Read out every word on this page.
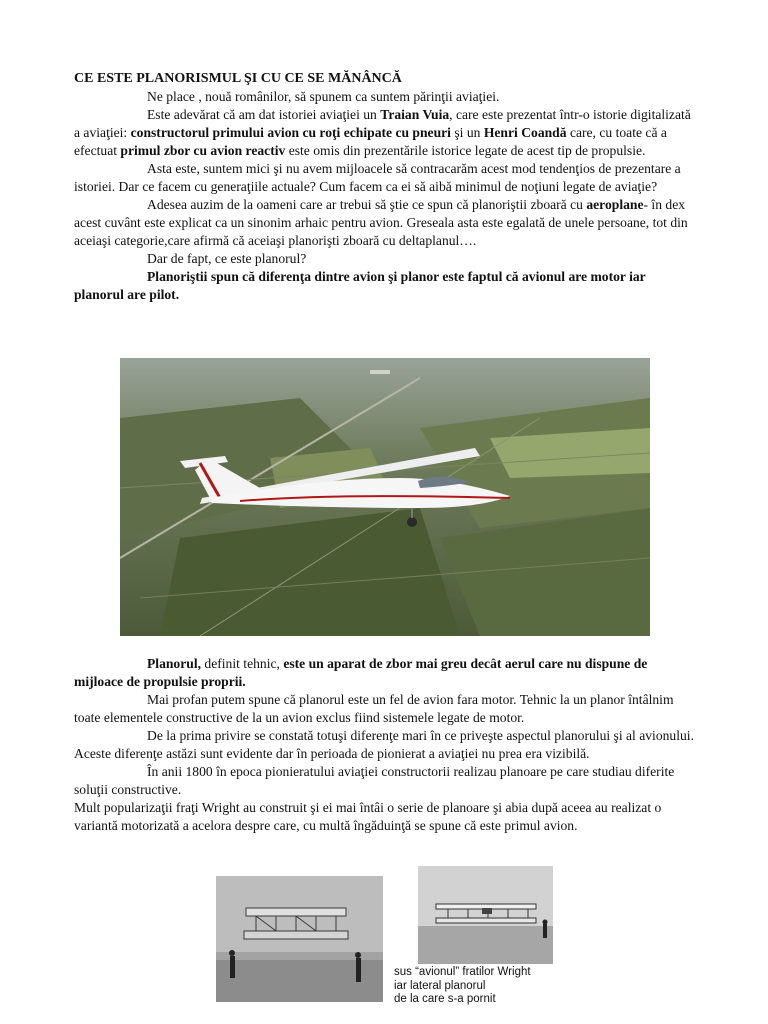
CE ESTE PLANORISMUL ŞI CU CE SE MĂNÂNCĂ

Ne place , nouă românilor, să spunem ca suntem părinţii aviaţiei.

Este adevărat că am dat istoriei aviaţiei un Traian Vuia, care este prezentat într-o istorie digitalizată a aviaţiei: constructorul primului avion cu roţi echipate cu pneuri şi un Henri Coandă care, cu toate că a efectuat primul zbor cu avion reactiv este omis din prezentările istorice legate de acest tip de propulsie.

Asta este, suntem mici şi nu avem mijloacele să contracarăm acest mod tendenţios de prezentare a istoriei. Dar ce facem cu generaţiile actuale? Cum facem ca ei să aibă minimul de noţiuni legate de aviaţie?

Adesea auzim de la oameni care ar trebui să ştie ce spun că planoriştii zboară cu aeroplane- în dex acest cuvânt este explicat ca un sinonim arhaic pentru avion. Greseala asta este egalată de unele persoane, tot din aceiaşi categorie,care afirmă că aceiaşi planorişti zboară cu deltaplanul….

Dar de fapt, ce este planorul?

Planoriştii spun că diferenţa dintre avion şi planor este faptul că avionul are motor iar planorul are pilot.

Planorul, definit tehnic, este un aparat de zbor mai greu decât aerul care nu dispune de mijloace de propulsie proprii.

Mai profan putem spune că planorul este un fel de avion fara motor. Tehnic la un planor întâlnim toate elementele constructive de la un avion exclus fiind sistemele legate de motor.

De la prima privire se constată totuşi diferenţe mari în ce priveşte aspectul planorului şi al avionului. Aceste diferenţe astăzi sunt evidente dar în perioada de pionierat a aviaţiei nu prea era vizibilă.

În anii 1800 în epoca pionieratului aviaţiei constructorii realizau planoare pe care studiau diferite soluţii constructive.

Mult popularizaţii fraţi Wright au construit şi ei mai întâi o serie de planoare şi abia după aceea au realizat o variantă motorizată a acelora despre care, cu multă îngăduinţă se spune că este primul avion.

sus “avionul” fratilor Wright
iar lateral planorul
de la care s-a pornit
